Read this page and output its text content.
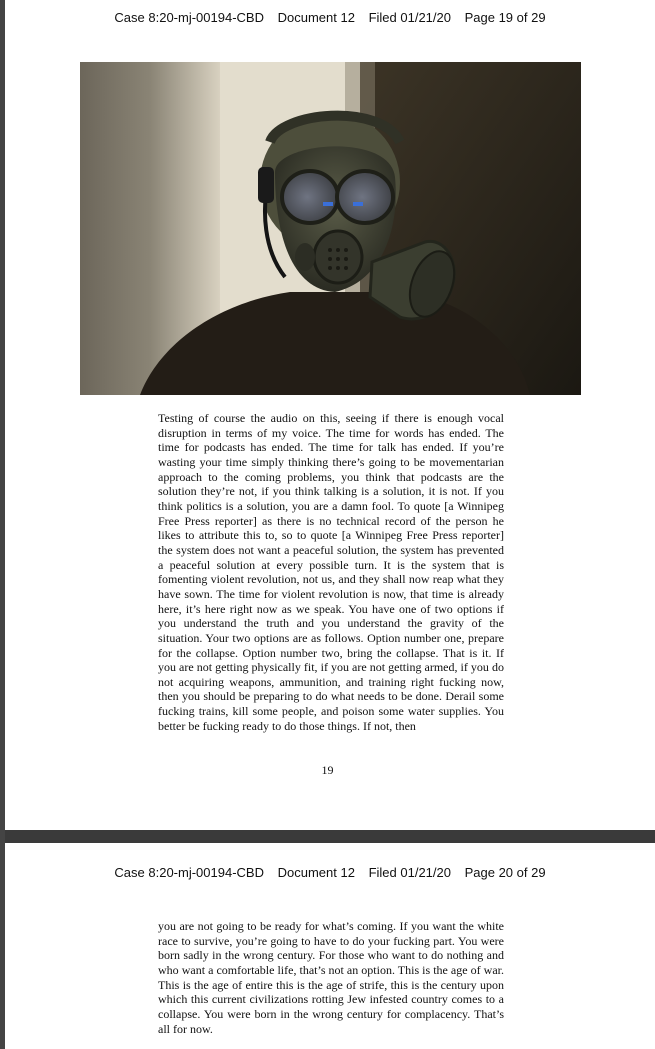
Case 8:20-mj-00194-CBD Document 12 Filed 01/21/20 Page 19 of 29

Testing of course the audio on this, seeing if there is enough vocal disruption in terms of my voice. The time for words has ended. The time for podcasts has ended. The time for talk has ended. If you’re wasting your time simply thinking there’s going to be movementarian approach to the coming problems, you think that podcasts are the solution they’re not, if you think talking is a solution, it is not. If you think politics is a solution, you are a damn fool. To quote [a Winnipeg Free Press reporter] as there is no technical record of the person he likes to attribute this to, so to quote [a Winnipeg Free Press reporter] the system does not want a peaceful solution, the system has prevented a peaceful solution at every possible turn. It is the system that is fomenting violent revolution, not us, and they shall now reap what they have sown. The time for violent revolution is now, that time is already here, it’s here right now as we speak. You have one of two options if you understand the truth and you understand the gravity of the situation. Your two options are as follows. Option number one, prepare for the collapse. Option number two, bring the collapse. That is it. If you are not getting physically fit, if you are not getting armed, if you do not acquiring weapons, ammunition, and training right fucking now, then you should be preparing to do what needs to be done. Derail some fucking trains, kill some people, and poison some water supplies. You better be fucking ready to do those things. If not, then

19
Case 8:20-mj-00194-CBD Document 12 Filed 01/21/20 Page 20 of 29

you are not going to be ready for what’s coming. If you want the white race to survive, you’re going to have to do your fucking part. You were born sadly in the wrong century. For those who want to do nothing and who want a comfortable life, that’s not an option. This is the age of war. This is the age of entire this is the age of strife, this is the century upon which this current civilizations rotting Jew infested country comes to a collapse. You were born in the wrong century for complacency. That’s all for now.
